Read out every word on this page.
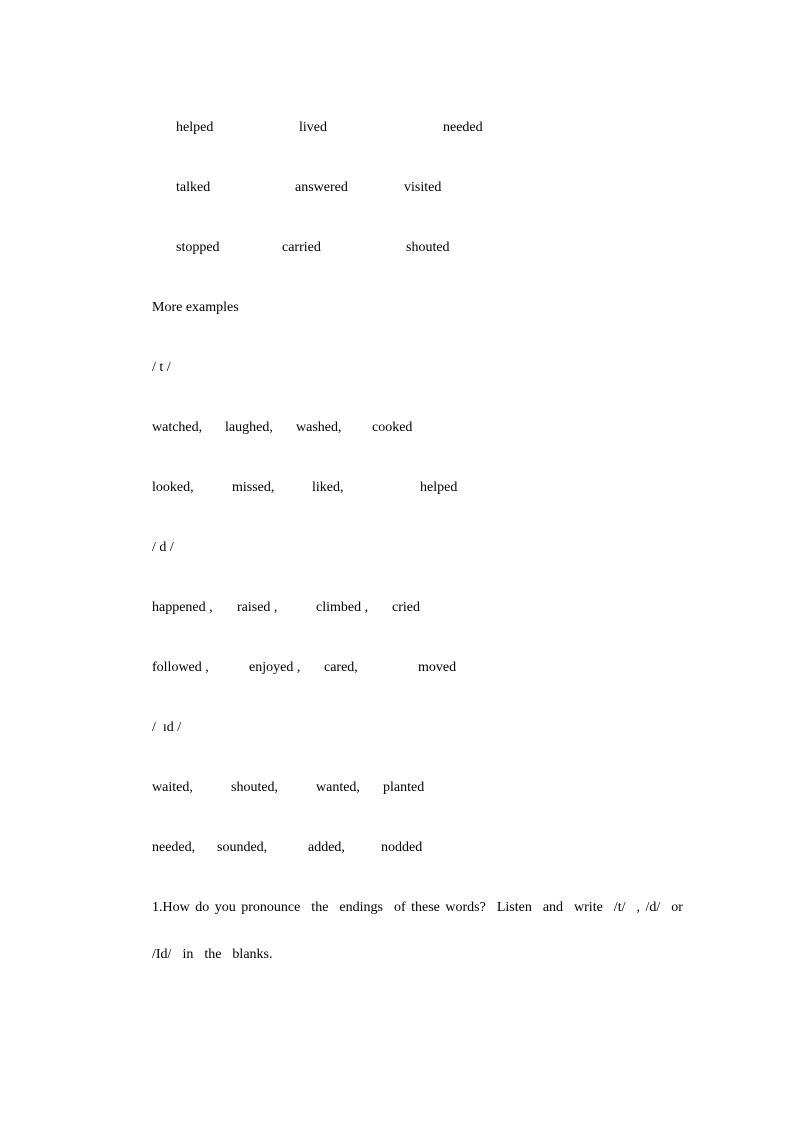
helped	lived	needed
talked	answered	visited
stopped	carried	shouted
More examples
/ t /
watched, laughed, washed, cooked
looked,	missed,	liked,	helped
/ d /
happened , raised ,	climbed , cried
followed ,	enjoyed , cared,	moved
/  ɪd /
waited,	shouted,	wanted, planted
needed, sounded,	added,	nodded
1.How do you pronounce  the  endings  of these words?  Listen  and  write  /t/  , /d/  or
/Id/  in  the  blanks.
